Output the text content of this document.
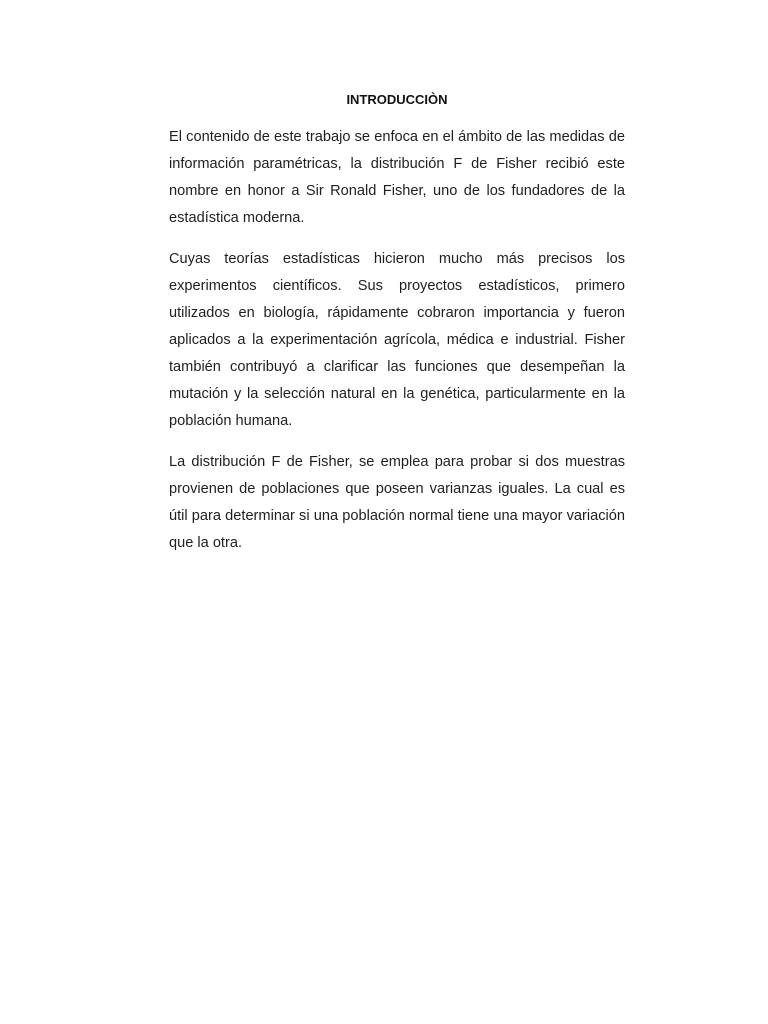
INTRODUCCIÒN

El contenido de este trabajo se enfoca en el ámbito de las medidas de información paramétricas, la distribución F de Fisher recibió este nombre en honor a Sir Ronald Fisher, uno de los fundadores de la estadística moderna.

Cuyas teorías estadísticas hicieron mucho más precisos los experimentos científicos. Sus proyectos estadísticos, primero utilizados en biología, rápidamente cobraron importancia y fueron aplicados a la experimentación agrícola, médica e industrial. Fisher también contribuyó a clarificar las funciones que desempeñan la mutación y la selección natural en la genética, particularmente en la población humana.

La distribución F de Fisher, se emplea para probar si dos muestras provienen de poblaciones que poseen varianzas iguales. La cual es útil para determinar si una población normal tiene una mayor variación que la otra.
